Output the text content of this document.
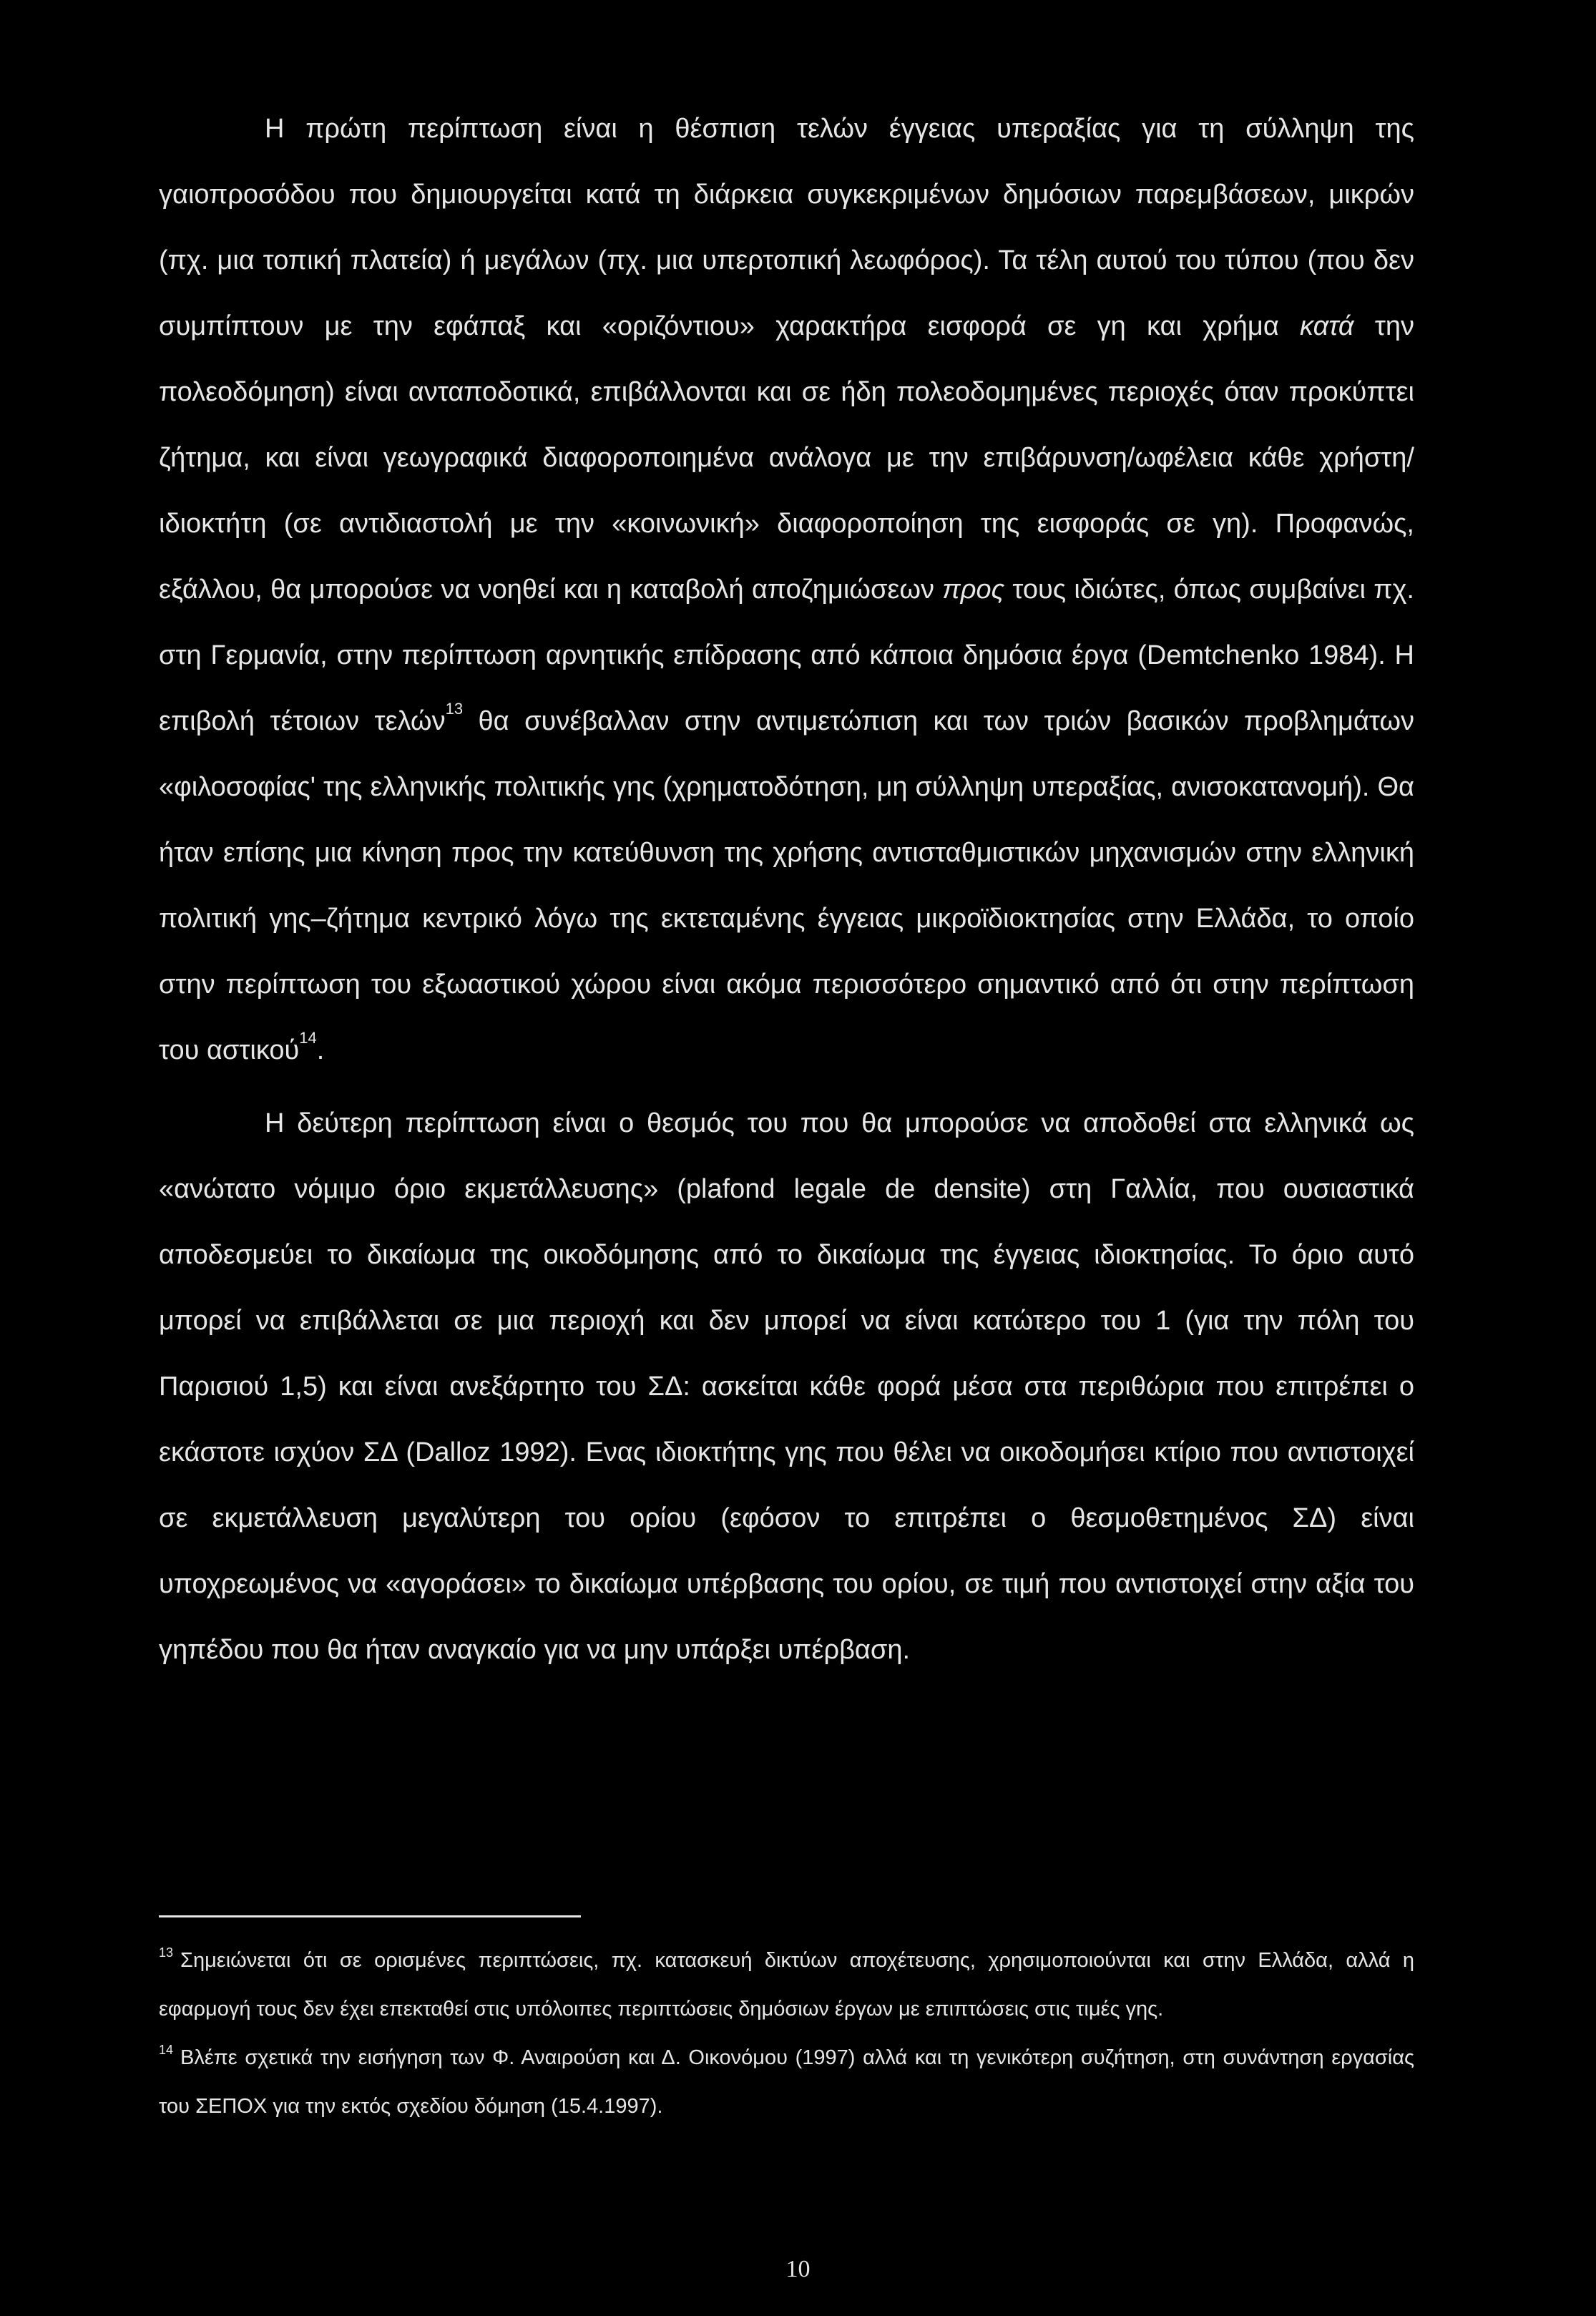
Η πρώτη περίπτωση είναι η θέσπιση τελών έγγειας υπεραξίας για τη σύλληψη της γαιοπροσόδου που δημιουργείται κατά τη διάρκεια συγκεκριμένων δημόσιων παρεμβάσεων, μικρών (πχ. μια τοπική πλατεία) ή μεγάλων (πχ. μια υπερτοπική λεωφόρος). Τα τέλη αυτού του τύπου (που δεν συμπίπτουν με την εφάπαξ και «οριζόντιου» χαρακτήρα εισφορά σε γη και χρήμα κατά την πολεοδόμηση) είναι ανταποδοτικά, επιβάλλονται και σε ήδη πολεοδομημένες περιοχές όταν προκύπτει ζήτημα, και είναι γεωγραφικά διαφοροποιημένα ανάλογα με την επιβάρυνση/ωφέλεια κάθε χρήστη/ιδιοκτήτη (σε αντιδιαστολή με την «κοινωνική» διαφοροποίηση της εισφοράς σε γη). Προφανώς, εξάλλου, θα μπορούσε να νοηθεί και η καταβολή αποζημιώσεων προς τους ιδιώτες, όπως συμβαίνει πχ. στη Γερμανία, στην περίπτωση αρνητικής επίδρασης από κάποια δημόσια έργα (Demtchenko 1984). Η επιβολή τέτοιων τελών$^{13}$ θα συνέβαλλαν στην αντιμετώπιση και των τριών βασικών προβλημάτων «φιλοσοφίας' της ελληνικής πολιτικής γης (χρηματοδότηση, μη σύλληψη υπεραξίας, ανισοκατανομή). Θα ήταν επίσης μια κίνηση προς την κατεύθυνση της χρήσης αντισταθμιστικών μηχανισμών στην ελληνική πολιτική γης–ζήτημα κεντρικό λόγω της εκτεταμένης έγγειας μικροϊδιοκτησίας στην Ελλάδα, το οποίο στην περίπτωση του εξωαστικού χώρου είναι ακόμα περισσότερο σημαντικό από ότι στην περίπτωση του αστικού$^{14}$.

Η δεύτερη περίπτωση είναι ο θεσμός του που θα μπορούσε να αποδοθεί στα ελληνικά ως «ανώτατο νόμιμο όριο εκμετάλλευσης» (plafond legale de densite) στη Γαλλία, που ουσιαστικά αποδεσμεύει το δικαίωμα της οικοδόμησης από το δικαίωμα της έγγειας ιδιοκτησίας. Το όριο αυτό μπορεί να επιβάλλεται σε μια περιοχή και δεν μπορεί να είναι κατώτερο του 1 (για την πόλη του Παρισιού 1,5) και είναι ανεξάρτητο του ΣΔ: ασκείται κάθε φορά μέσα στα περιθώρια που επιτρέπει ο εκάστοτε ισχύον ΣΔ (Dalloz 1992). Ενας ιδιοκτήτης γης που θέλει να οικοδομήσει κτίριο που αντιστοιχεί σε εκμετάλλευση μεγαλύτερη του ορίου (εφόσον το επιτρέπει ο θεσμοθετημένος ΣΔ) είναι υποχρεωμένος να «αγοράσει» το δικαίωμα υπέρβασης του ορίου, σε τιμή που αντιστοιχεί στην αξία του γηπέδου που θα ήταν αναγκαίο για να μην υπάρξει υπέρβαση.

$^{13}$ Σημειώνεται ότι σε ορισμένες περιπτώσεις, πχ. κατασκευή δικτύων αποχέτευσης, χρησιμοποιούνται και στην Ελλάδα, αλλά η εφαρμογή τους δεν έχει επεκταθεί στις υπόλοιπες περιπτώσεις δημόσιων έργων με επιπτώσεις στις τιμές γης.

$^{14}$ Βλέπε σχετικά την εισήγηση των Φ. Αναιρούση και Δ. Οικονόμου (1997) αλλά και τη γενικότερη συζήτηση, στη συνάντηση εργασίας του ΣΕΠΟΧ για την εκτός σχεδίου δόμηση (15.4.1997).

10
